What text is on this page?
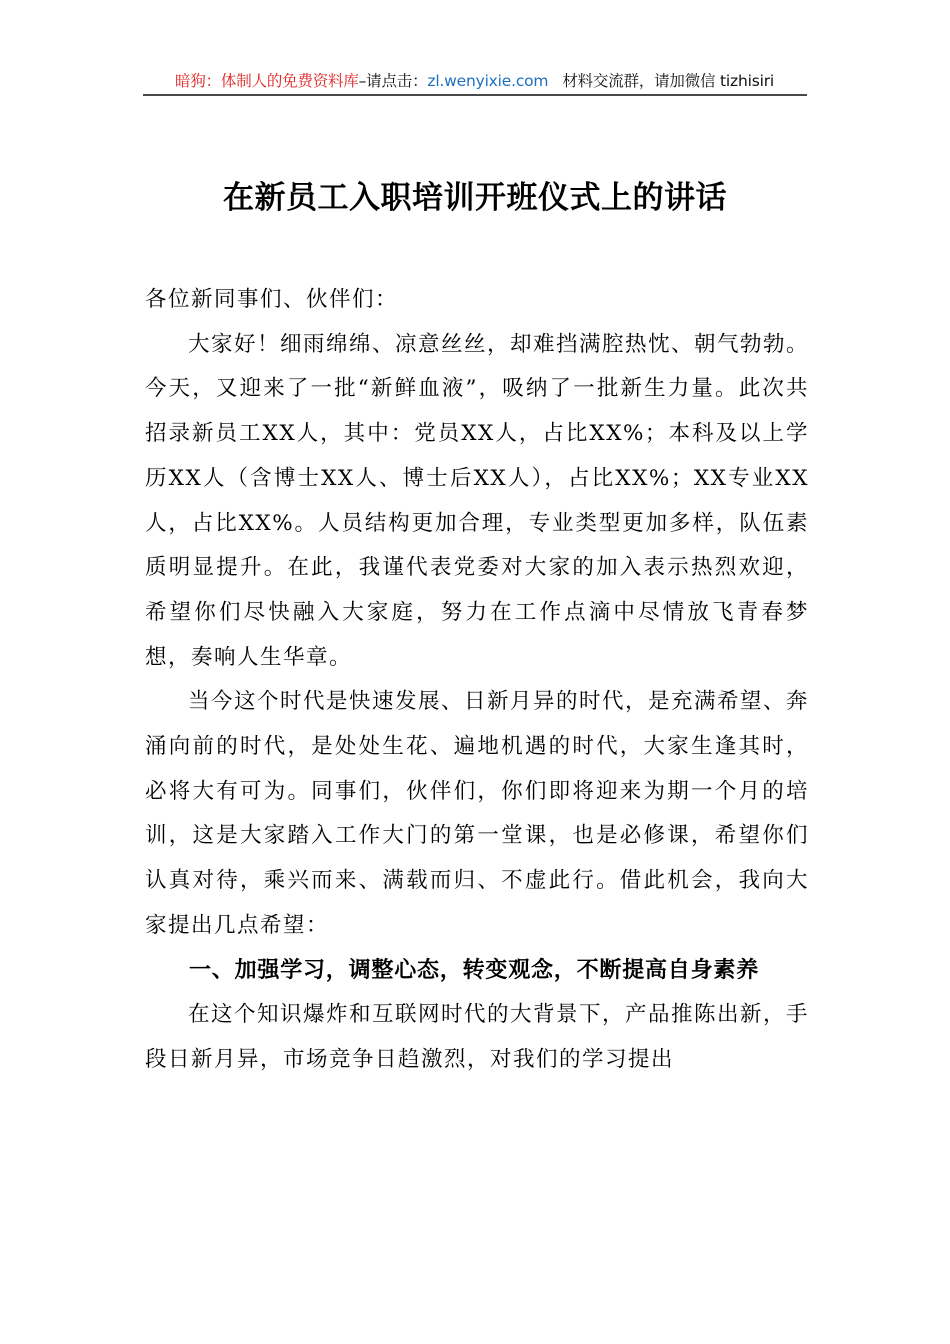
暗狗：体制人的免费资料库–请点击：zl.wenyixie.com 材料交流群，请加微信 tizhisiri
在新员工入职培训开班仪式上的讲话

各位新同事们、伙伴们：

大家好！细雨绵绵、凉意丝丝，却难挡满腔热忱、朝气勃勃。今天，又迎来了一批“新鲜血液”，吸纳了一批新生力量。此次共招录新员工XX人，其中：党员XX人，占比XX%；本科及以上学历XX人（含博士XX人、博士后XX人），占比XX%；XX专业XX人，占比XX%。人员结构更加合理，专业类型更加多样，队伍素质明显提升。在此，我谨代表党委对大家的加入表示热烈欢迎，希望你们尽快融入大家庭，努力在工作点滴中尽情放飞青春梦想，奏响人生华章。

当今这个时代是快速发展、日新月异的时代，是充满希望、奔涌向前的时代，是处处生花、遍地机遇的时代，大家生逢其时，必将大有可为。同事们，伙伴们，你们即将迎来为期一个月的培训，这是大家踏入工作大门的第一堂课，也是必修课，希望你们认真对待，乘兴而来、满载而归、不虚此行。借此机会，我向大家提出几点希望：

一、加强学习，调整心态，转变观念，不断提高自身素养

在这个知识爆炸和互联网时代的大背景下，产品推陈出新，手段日新月异，市场竞争日趋激烈，对我们的学习提出
